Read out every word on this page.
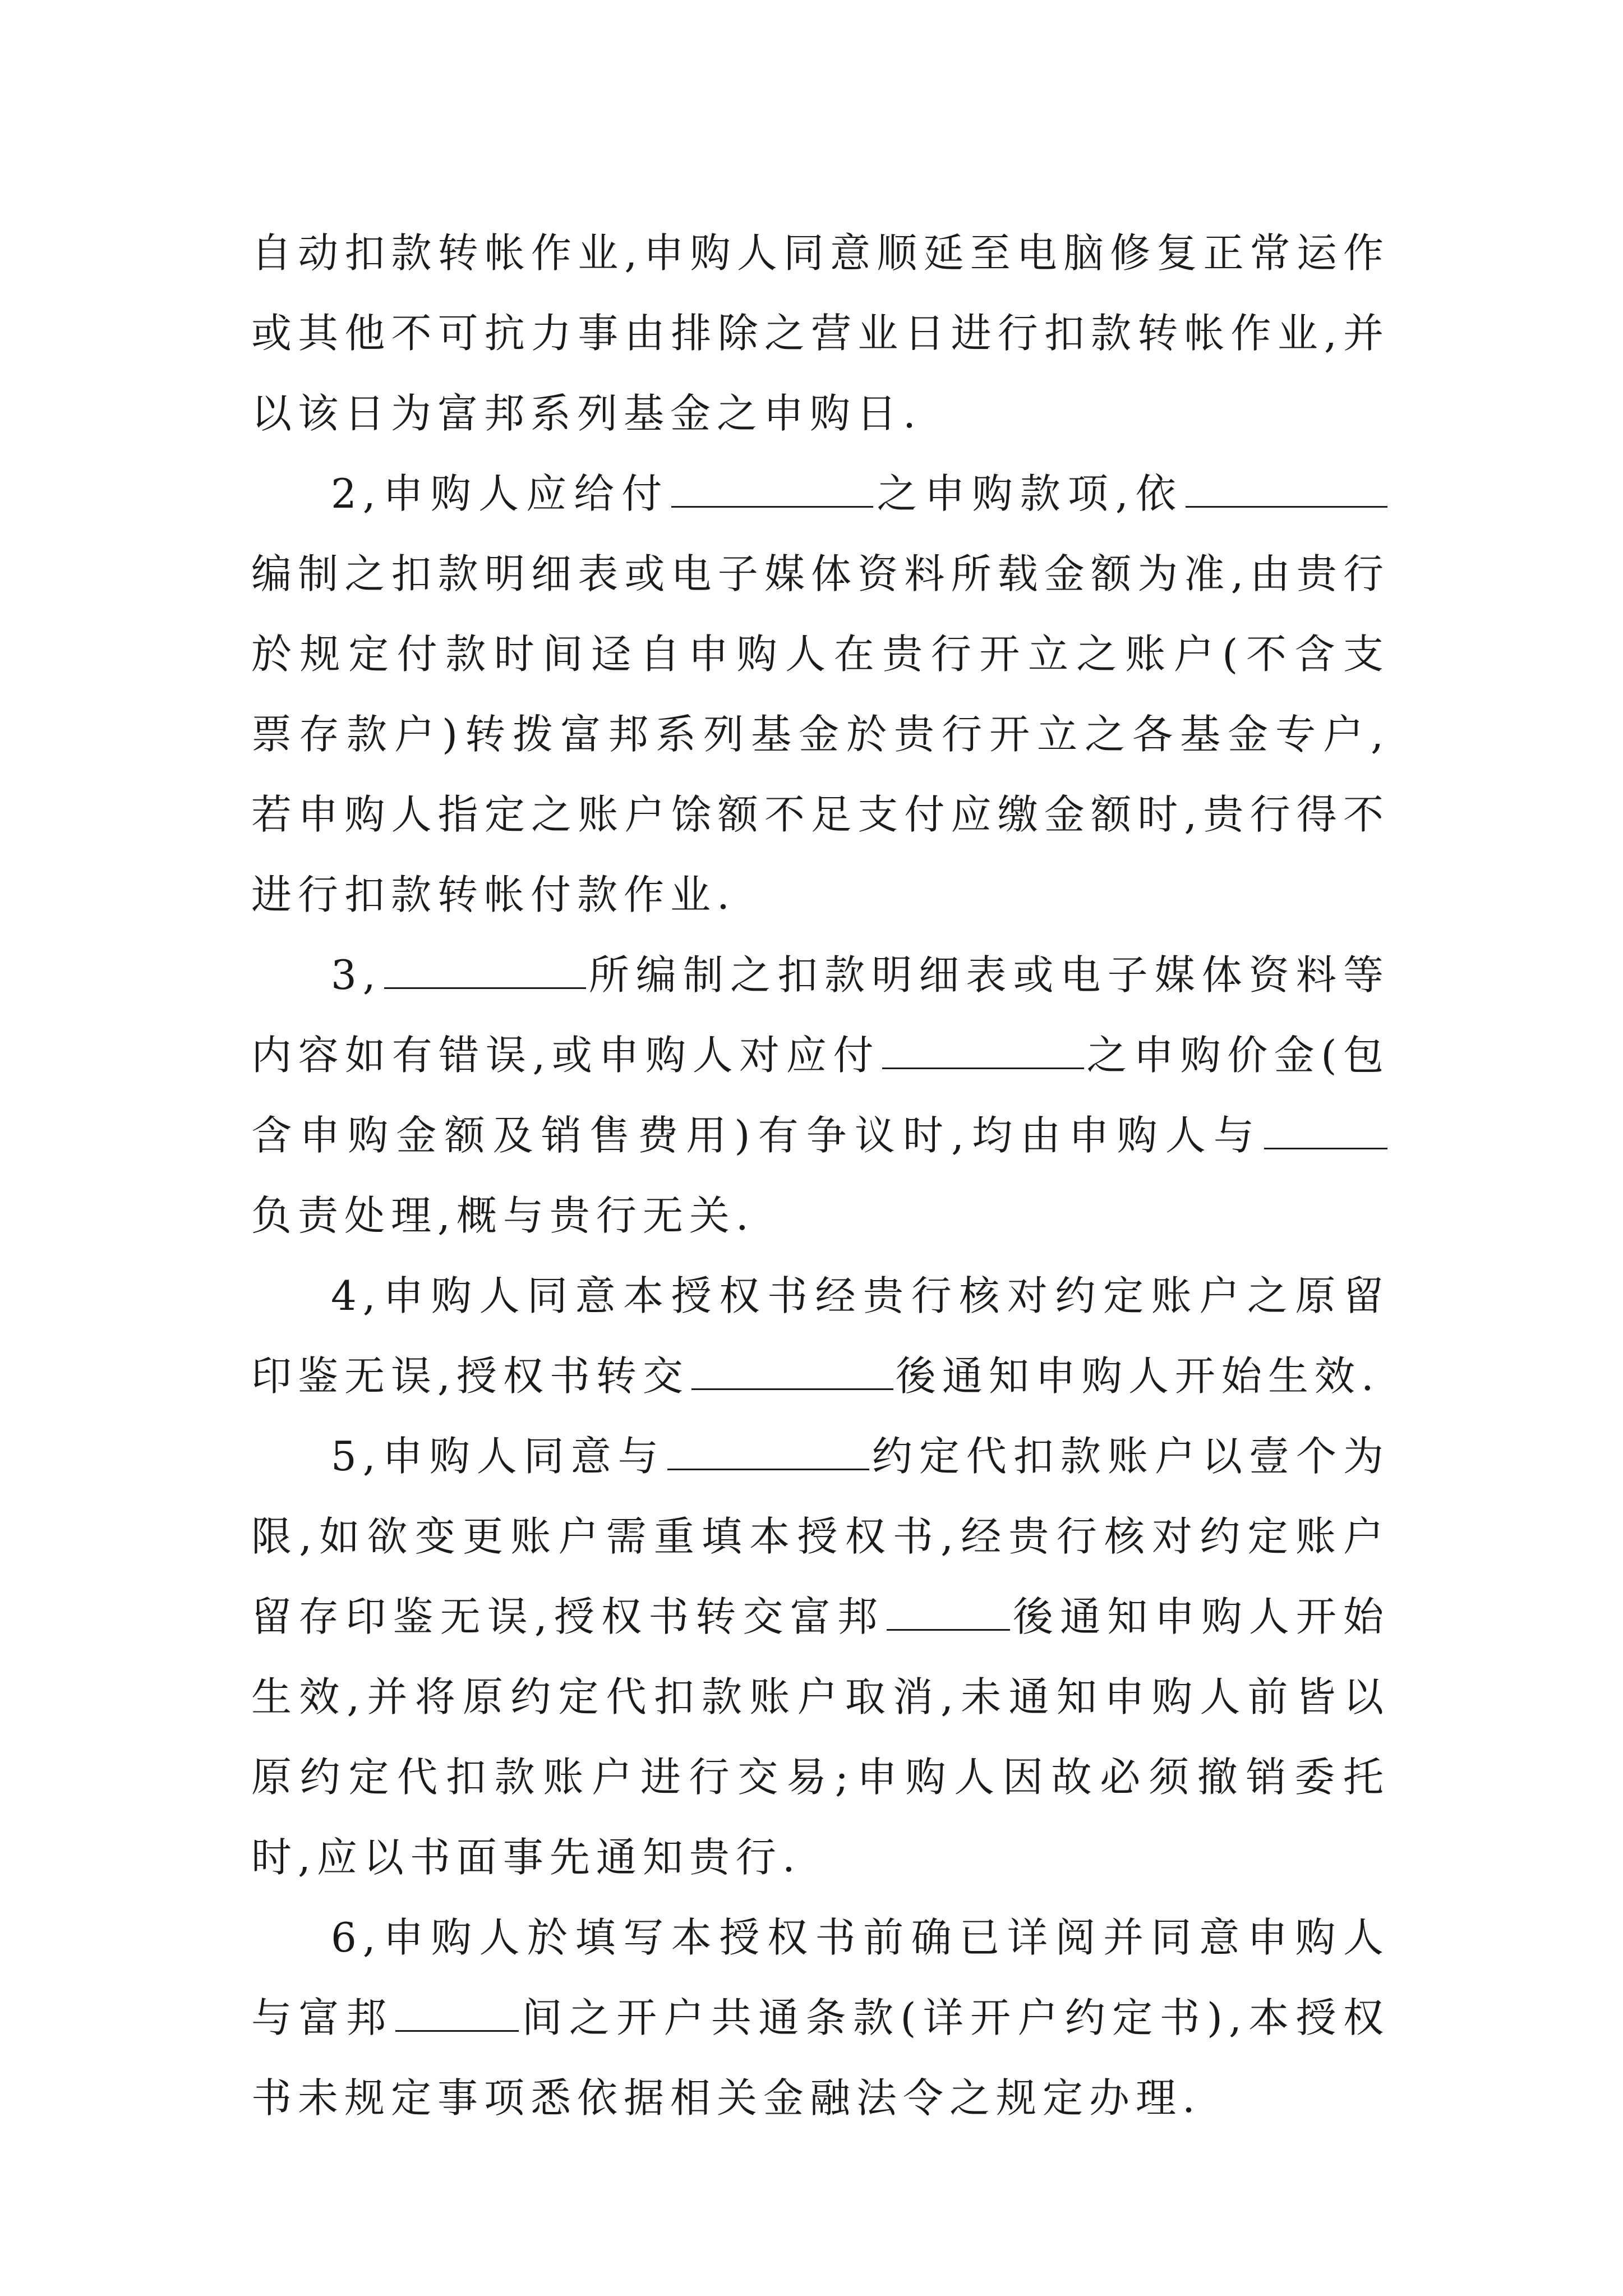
自动扣款转帐作业,申购人同意顺延至电脑修复正常运作或其他不可抗力事由排除之营业日进行扣款转帐作业,并以该日为富邦系列基金之申购日.

2,申购人应给付	之申购款项,依编制之扣款明细表或电子媒体资料所载金额为准,由贵行於规定付款时间迳自申购人在贵行开立之账户(不含支票存款户)转拨富邦系列基金於贵行开立之各基金专户,若申购人指定之账户馀额不足支付应缴金额时,贵行得不进行扣款转帐付款作业.

3,	所编制之扣款明细表或电子媒体资料等内容如有错误,或申购人对应付	之申购价金(包含申购金额及销售费用)有争议时,均由申购人与负责处理,概与贵行无关.

4,申购人同意本授权书经贵行核对约定账户之原留印鉴无误,授权书转交	後通知申购人开始生效.

5,申购人同意与	约定代扣款账户以壹个为限,如欲变更账户需重填本授权书,经贵行核对约定账户留存印鉴无误,授权书转交富邦	後通知申购人开始生效,并将原约定代扣款账户取消,未通知申购人前皆以原约定代扣款账户进行交易;申购人因故必须撤销委托时,应以书面事先通知贵行.

6,申购人於填写本授权书前确已详阅并同意申购人与富邦	间之开户共通条款(详开户约定书),本授权书未规定事项悉依据相关金融法令之规定办理.
